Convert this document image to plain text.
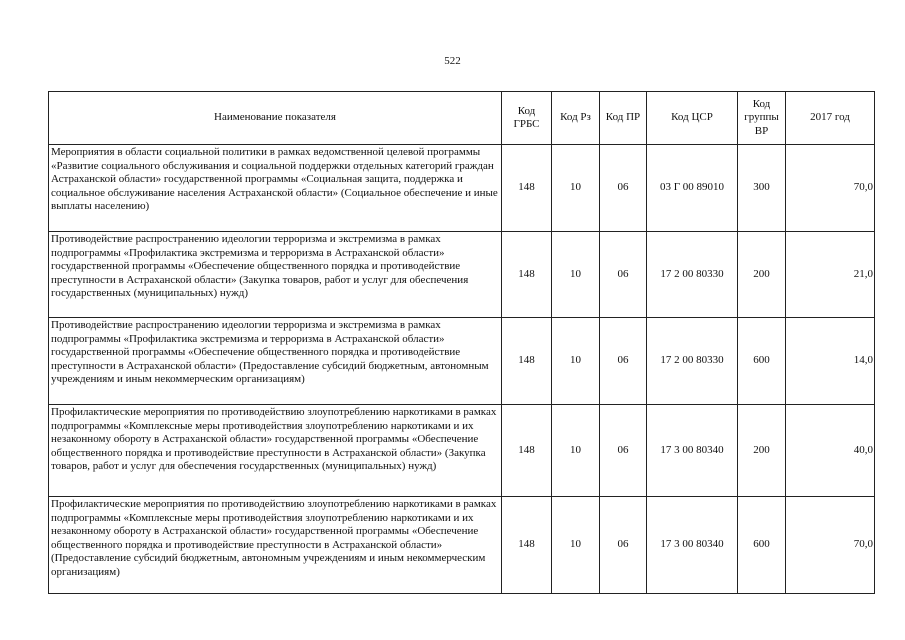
522
Наименование показателя	Код ГРБС	Код Рз	Код ПР	Код ЦСР	Код группы ВР	2017 год
Мероприятия в области социальной политики в рамках ведомственной целевой программы «Развитие социального обслуживания и социальной поддержки отдельных категорий граждан Астраханской области» государственной программы «Социальная защита, поддержка и социальное обслуживание населения Астраханской области» (Социальное обеспечение и иные выплаты населению)	148	10	06	03 Г 00 89010	300	70,0
Противодействие распространению идеологии терроризма и экстремизма в рамках подпрограммы «Профилактика экстремизма и терроризма в Астраханской области» государственной программы «Обеспечение общественного порядка и противодействие преступности в Астраханской области» (Закупка товаров, работ и услуг для обеспечения государственных (муниципальных) нужд)	148	10	06	17 2 00 80330	200	21,0
Противодействие распространению идеологии терроризма и экстремизма в рамках подпрограммы «Профилактика экстремизма и терроризма в Астраханской области» государственной программы «Обеспечение общественного порядка и противодействие преступности в Астраханской области» (Предоставление субсидий бюджетным, автономным учреждениям и иным некоммерческим организациям)	148	10	06	17 2 00 80330	600	14,0
Профилактические мероприятия по противодействию злоупотреблению наркотиками в рамках подпрограммы «Комплексные меры противодействия злоупотреблению наркотиками и их незаконному обороту в Астраханской области» государственной программы «Обеспечение общественного порядка и противодействие преступности в Астраханской области» (Закупка товаров, работ и услуг для обеспечения государственных (муниципальных) нужд)	148	10	06	17 3 00 80340	200	40,0
Профилактические мероприятия по противодействию злоупотреблению наркотиками в рамках подпрограммы «Комплексные меры противодействия злоупотреблению наркотиками и их незаконному обороту в Астраханской области» государственной программы «Обеспечение общественного порядка и противодействие преступности в Астраханской области» (Предоставление субсидий бюджетным, автономным учреждениям и иным некоммерческим организациям)	148	10	06	17 3 00 80340	600	70,0
